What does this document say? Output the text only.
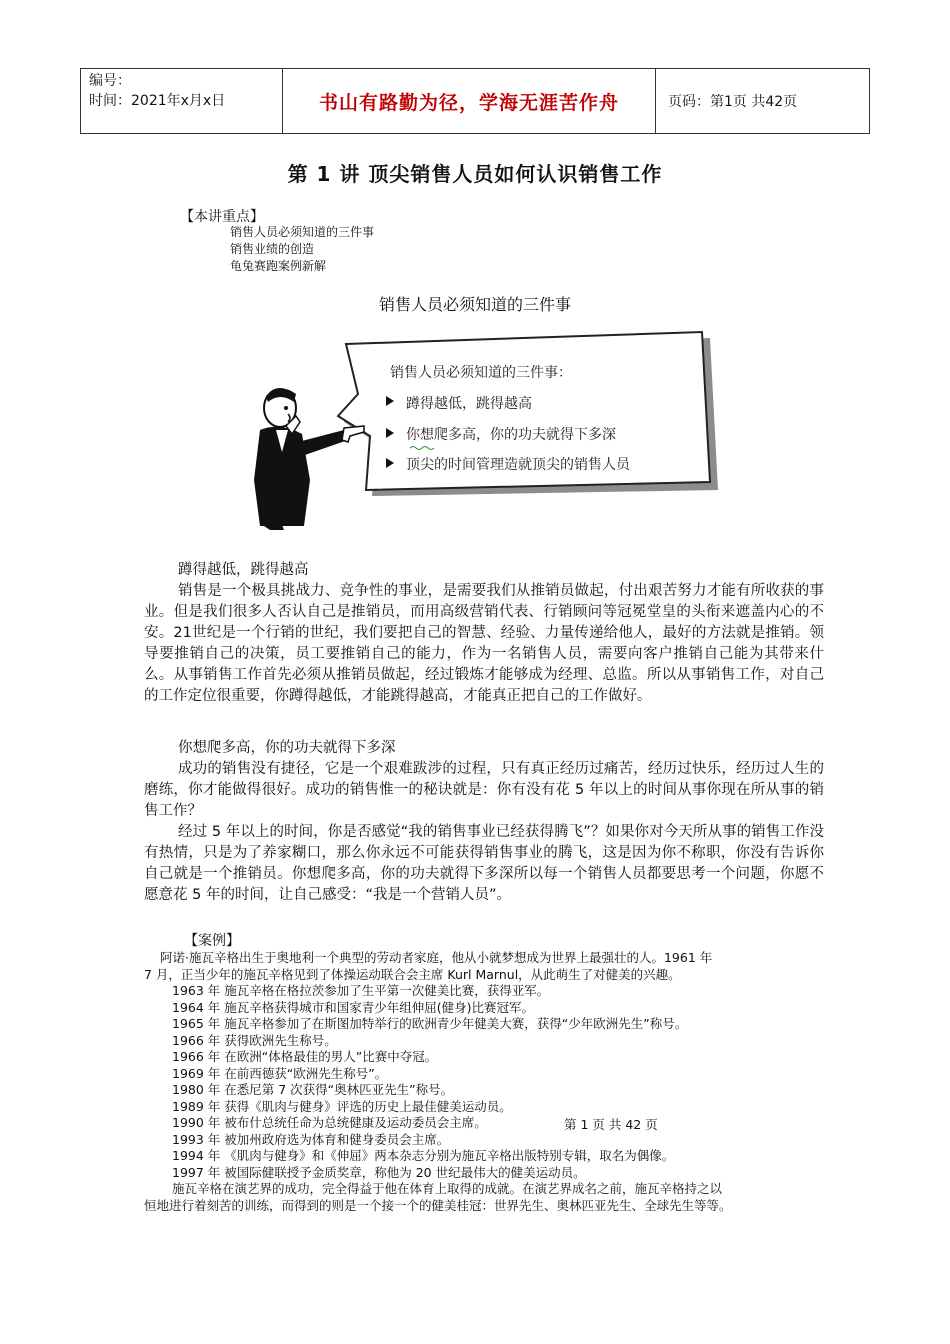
编号：
时间：2021年x月x日	书山有路勤为径，学海无涯苦作舟	页码：第1页 共42页
第 1 讲 顶尖销售人员如何认识销售工作
【本讲重点】
销售人员必须知道的三件事
销售业绩的创造
龟兔赛跑案例新解
销售人员必须知道的三件事
销售人员必须知道的三件事：
蹲得越低，跳得越高
你想爬多高，你的功夫就得下多深
顶尖的时间管理造就顶尖的销售人员

蹲得越低，跳得越高

销售是一个极具挑战力、竞争性的事业，是需要我们从推销员做起，付出艰苦努力才能有所收获的事业。但是我们很多人否认自己是推销员，而用高级营销代表、行销顾问等冠冕堂皇的头衔来遮盖内心的不安。21世纪是一个行销的世纪，我们要把自己的智慧、经验、力量传递给他人，最好的方法就是推销。领导要推销自己的决策，员工要推销自己的能力，作为一名销售人员，需要向客户推销自己能为其带来什么。从事销售工作首先必须从推销员做起，经过锻炼才能够成为经理、总监。所以从事销售工作，对自己的工作定位很重要，你蹲得越低，才能跳得越高，才能真正把自己的工作做好。

你想爬多高，你的功夫就得下多深

成功的销售没有捷径，它是一个艰难跋涉的过程，只有真正经历过痛苦，经历过快乐，经历过人生的磨练，你才能做得很好。成功的销售惟一的秘诀就是：你有没有花 5 年以上的时间从事你现在所从事的销售工作？

经过 5 年以上的时间，你是否感觉“我的销售事业已经获得腾飞”？如果你对今天所从事的销售工作没有热情，只是为了养家糊口，那么你永远不可能获得销售事业的腾飞，这是因为你不称职，你没有告诉你自己就是一个推销员。你想爬多高，你的功夫就得下多深所以每一个销售人员都要思考一个问题，你愿不愿意花 5 年的时间，让自己感受：“我是一个营销人员”。

【案例】
阿诺·施瓦辛格出生于奥地利一个典型的劳动者家庭，他从小就梦想成为世界上最强壮的人。1961 年
7 月，正当少年的施瓦辛格见到了体操运动联合会主席 Kurl Marnul，从此萌生了对健美的兴趣。
1963 年 施瓦辛格在格拉茨参加了生平第一次健美比赛，获得亚军。
1964 年 施瓦辛格获得城市和国家青少年组伸屈(健身)比赛冠军。
1965 年 施瓦辛格参加了在斯图加特举行的欧洲青少年健美大赛，获得“少年欧洲先生”称号。
1966 年 获得欧洲先生称号。
1966 年 在欧洲“体格最佳的男人”比赛中夺冠。
1969 年 在前西德获“欧洲先生称号”。
1980 年 在悉尼第 7 次获得“奥林匹亚先生”称号。
1989 年 获得《肌肉与健身》评选的历史上最佳健美运动员。
1990 年 被布什总统任命为总统健康及运动委员会主席。
1993 年 被加州政府选为体育和健身委员会主席。
1994 年 《肌肉与健身》和《伸屈》两本杂志分别为施瓦辛格出版特别专辑，取名为偶像。
1997 年 被国际健联授予金质奖章，称他为 20 世纪最伟大的健美运动员。
施瓦辛格在演艺界的成功，完全得益于他在体育上取得的成就。在演艺界成名之前，施瓦辛格持之以
恒地进行着刻苦的训练，而得到的则是一个接一个的健美桂冠：世界先生、奥林匹亚先生、全球先生等等。
第 1 页 共 42 页
